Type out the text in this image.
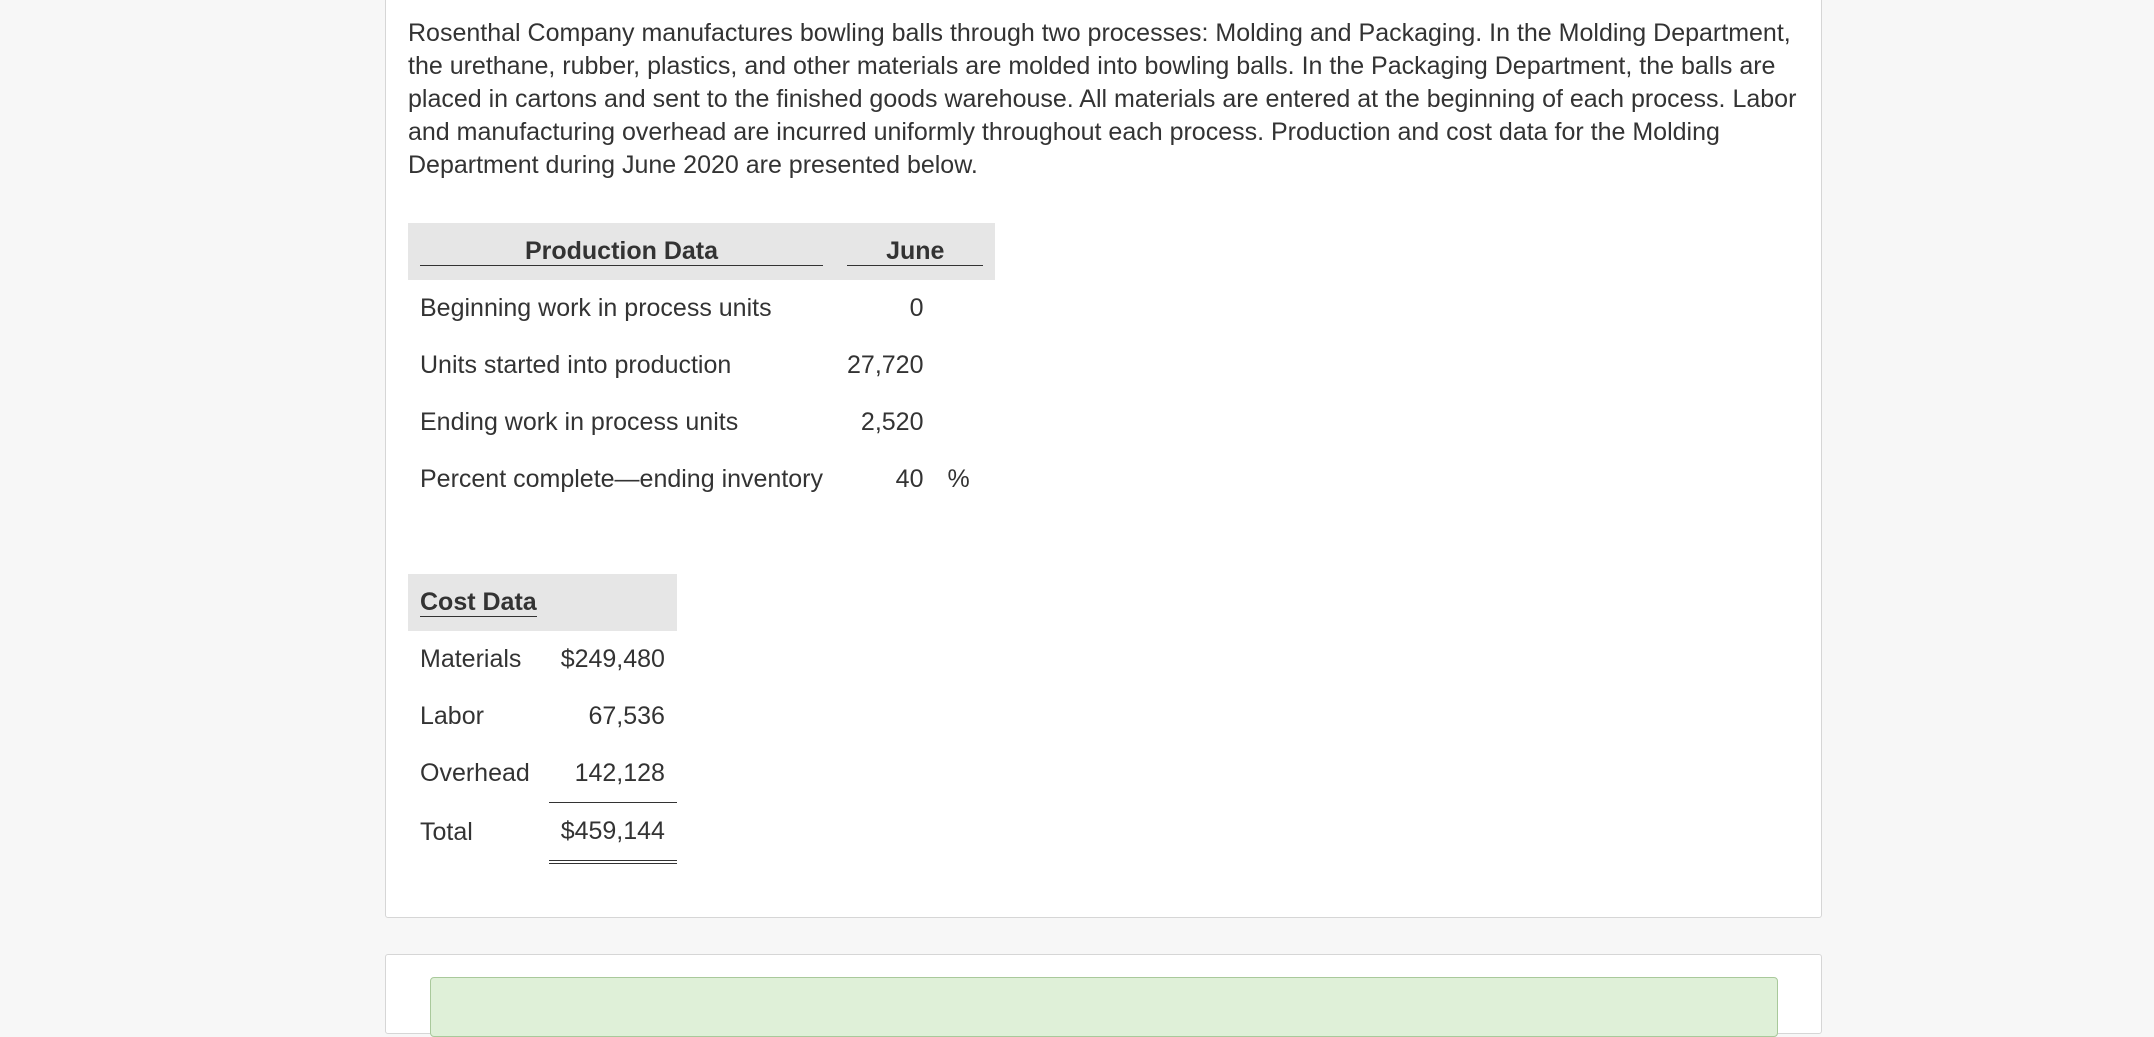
Rosenthal Company manufactures bowling balls through two processes: Molding and Packaging. In the Molding Department, the urethane, rubber, plastics, and other materials are molded into bowling balls. In the Packaging Department, the balls are placed in cartons and sent to the finished goods warehouse. All materials are entered at the beginning of each process. Labor and manufacturing overhead are incurred uniformly throughout each process. Production and cost data for the Molding Department during June 2020 are presented below.

Production Data	June	

Beginning work in process units	0	
Units started into production	27,720	
Ending work in process units	2,520	
Percent complete—ending inventory	40	%
Cost Data	
Materials	$249,480
Labor	67,536
Overhead	142,128
Total	$459,144
